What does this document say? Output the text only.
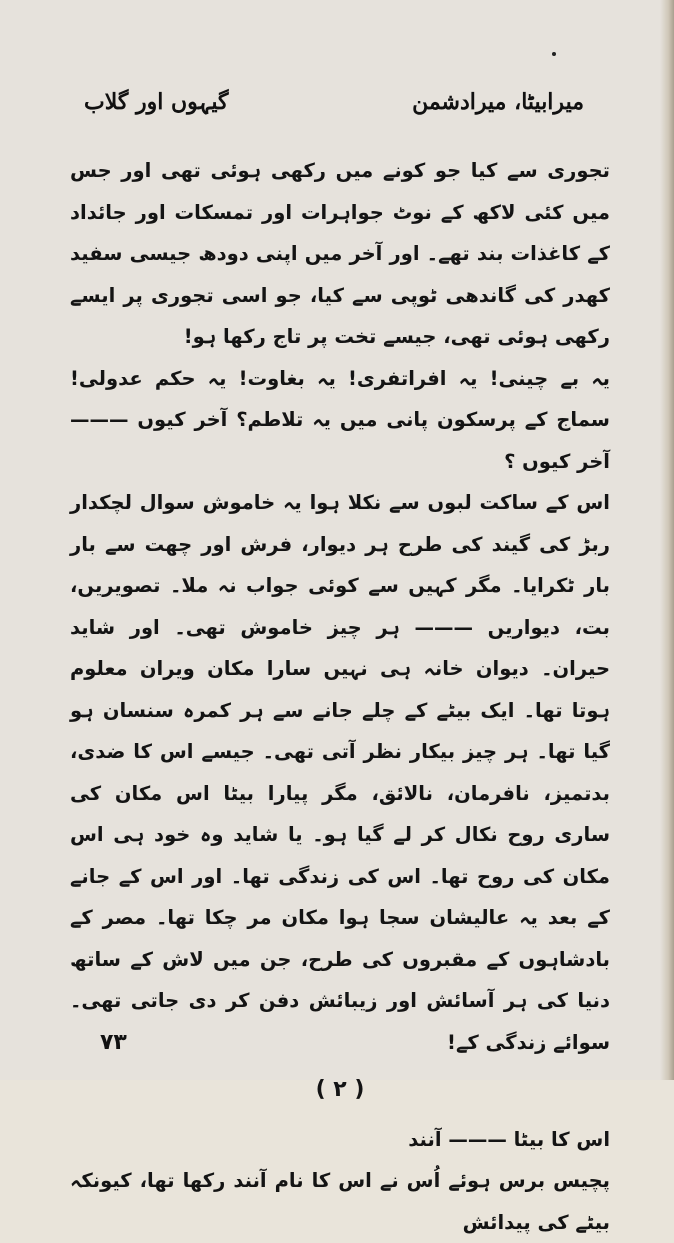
میرابیٹا، میرادشمن
گیہوں اور گلاب

تجوری سے کیا جو کونے میں رکھی ہوئی تھی اور جس میں کئی لاکھ کے نوٹ جواہرات اور تمسکات اور جائداد کے کاغذات بند تھے۔ اور آخر میں اپنی دودھ جیسی سفید کھدر کی گاندھی ٹوپی سے کیا، جو اسی تجوری پر ایسے رکھی ہوئی تھی، جیسے تخت پر تاج رکھا ہو!

یہ بے چینی! یہ افراتفری! یہ بغاوت! یہ حکم عدولی! سماج کے پرسکون پانی میں یہ تلاطم؟ آخر کیوں ——— آخر کیوں ؟

اس کے ساکت لبوں سے نکلا ہوا یہ خاموش سوال لچکدار ربڑ کی گیند کی طرح ہر دیوار، فرش اور چھت سے بار بار ٹکرایا۔ مگر کہیں سے کوئی جواب نہ ملا۔ تصویریں، بت، دیواریں ——— ہر چیز خاموش تھی۔ اور شاید حیران۔ دیوان خانہ ہی نہیں سارا مکان ویران معلوم ہوتا تھا۔ ایک بیٹے کے چلے جانے سے ہر کمرہ سنسان ہو گیا تھا۔ ہر چیز بیکار نظر آتی تھی۔ جیسے اس کا ضدی، بدتمیز، نافرمان، نالائق، مگر پیارا بیٹا اس مکان کی ساری روح نکال کر لے گیا ہو۔ یا شاید وہ خود ہی اس مکان کی روح تھا۔ اس کی زندگی تھا۔ اور اس کے جانے کے بعد یہ عالیشان سجا ہوا مکان مر چکا تھا۔ مصر کے بادشاہوں کے مقبروں کی طرح، جن میں لاش کے ساتھ دنیا کی ہر آسائش اور زیبائش دفن کر دی جاتی تھی۔ سوائے زندگی کے!

( ۲ )

اس کا بیٹا ——— آنند

پچیس برس ہوئے اُس نے اس کا نام آنند رکھا تھا، کیونکہ بیٹے کی پیدائش

۷۳
